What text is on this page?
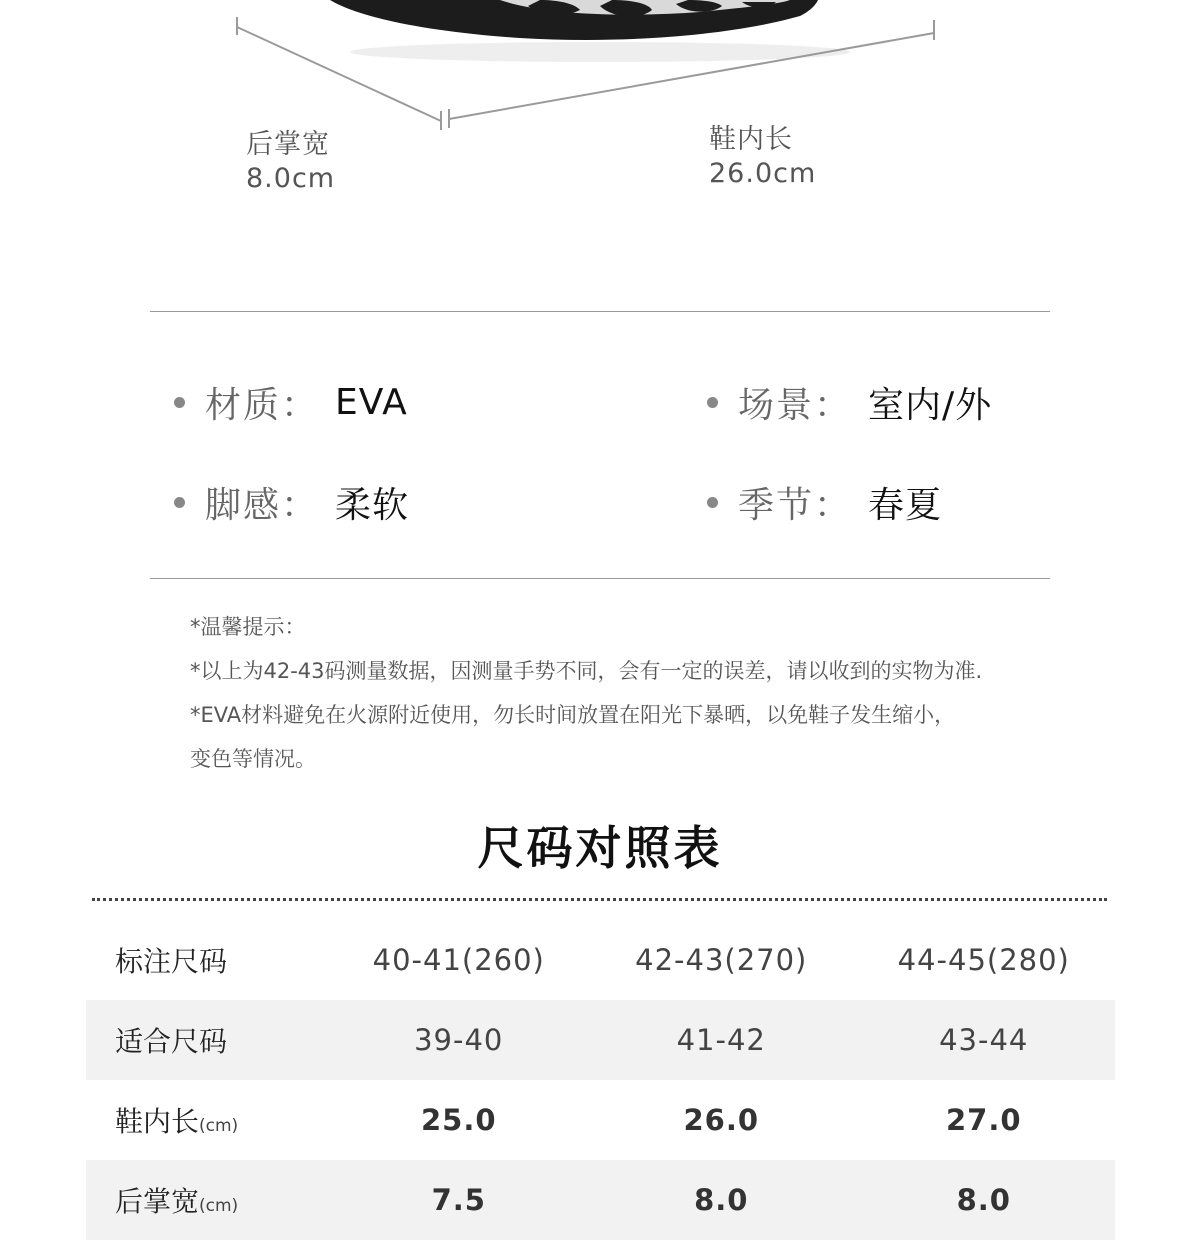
后掌宽
8.0cm
鞋内长
26.0cm
材质： EVA	场景： 室内/外
脚感： 柔软	季节： 春夏
*温馨提示：
*以上为42-43码测量数据，因测量手势不同，会有一定的误差，请以收到的实物为准.
*EVA材料避免在火源附近使用，勿长时间放置在阳光下暴晒，以免鞋子发生缩小，
变色等情况。
尺码对照表
标注尺码	40-41(260)	42-43(270)	44-45(280)
适合尺码	39-40	41-42	43-44
鞋内长(cm)	25.0	26.0	27.0
后掌宽(cm)	7.5	8.0	8.0
